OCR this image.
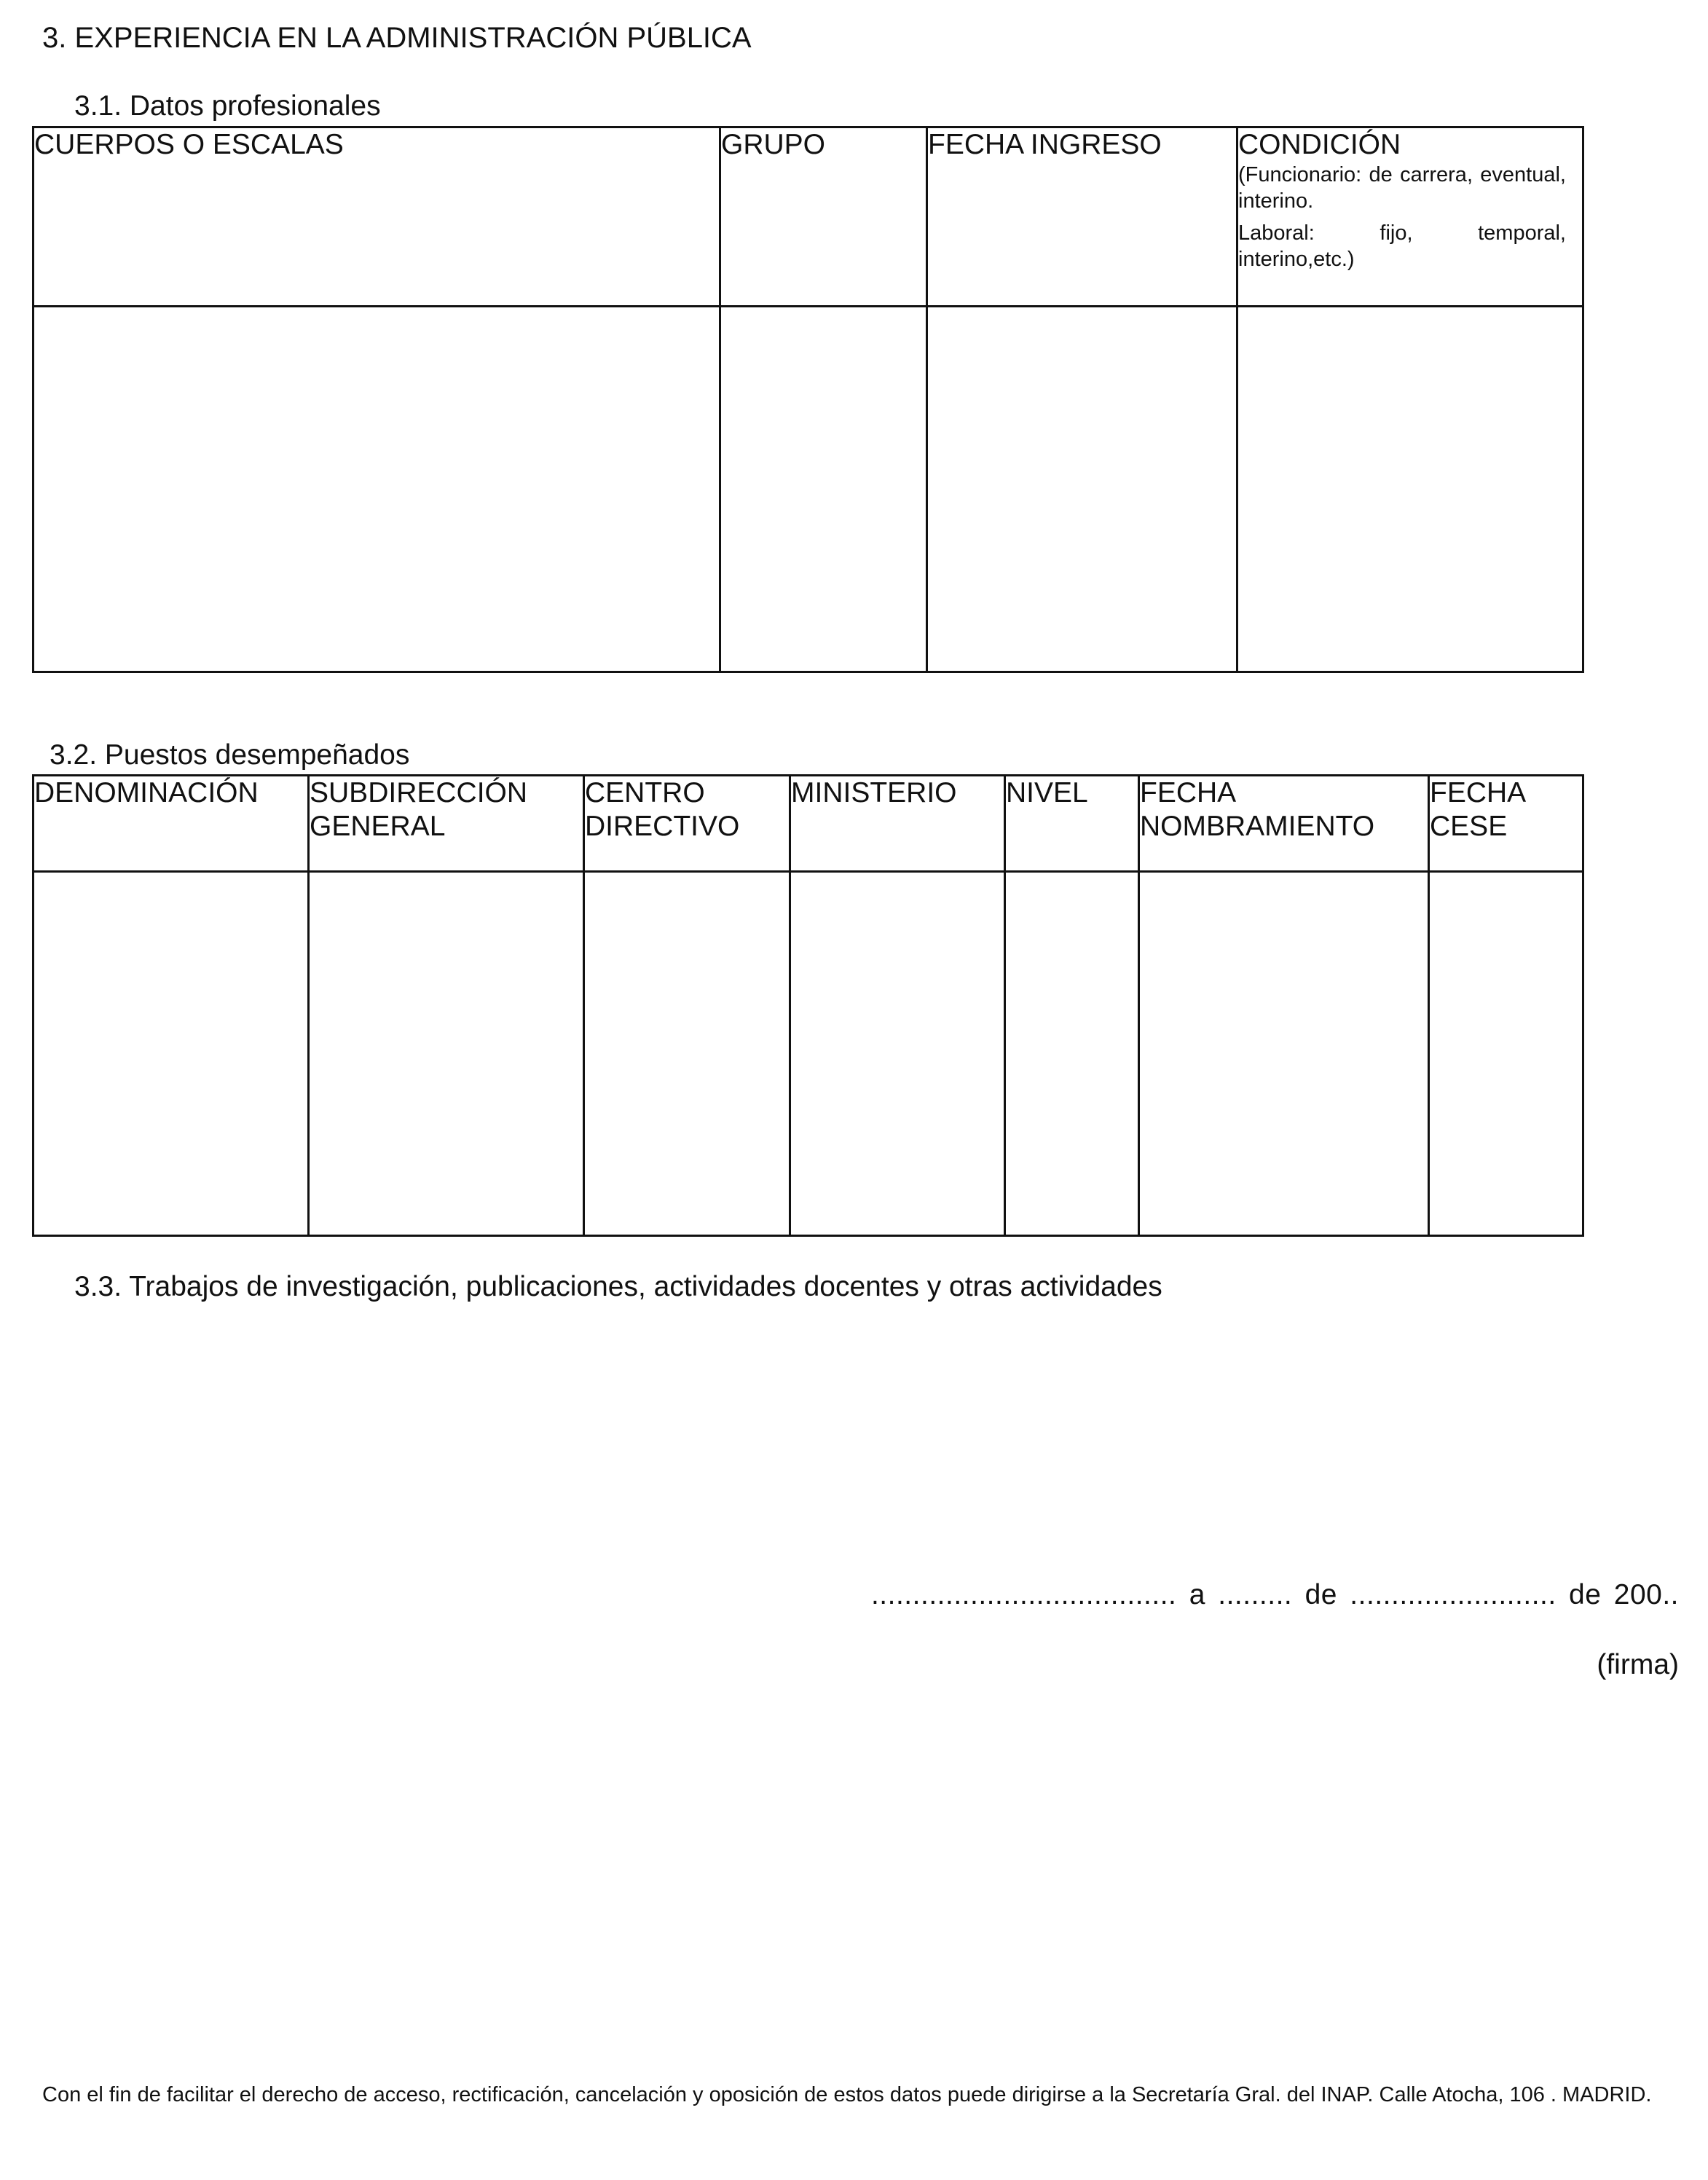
3. EXPERIENCIA EN LA ADMINISTRACIÓN PÚBLICA
3.1. Datos profesionales
CUERPOS O ESCALAS	GRUPO	FECHA INGRESO	CONDICIÓN
(Funcionario: de carrera, eventual, interino.
Laboral: fijo, temporal, interino,etc.)

3.2. Puestos desempeñados
DENOMINACIÓN	SUBDIRECCIÓN GENERAL	CENTRO DIRECTIVO	MINISTERIO	NIVEL	FECHA NOMBRAMIENTO	FECHA CESE

3.3. Trabajos de investigación, publicaciones, actividades docentes y otras actividades
..................................... a ......... de ......................... de 200..
(firma)
Con el fin de facilitar el derecho de acceso, rectificación, cancelación y oposición de estos datos puede dirigirse a la Secretaría Gral. del INAP. Calle Atocha, 106 . MADRID.
